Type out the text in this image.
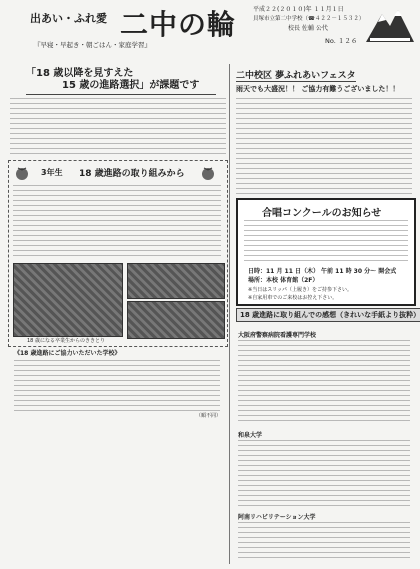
出あい・ふれ愛 二中の輪
『早寝・早起き・朝ごはん・家庭学習』
平成２２(２０１０)年 １１月１日
貝塚市立第二中学校（☎４２２－１５３２）
校長 佐輔 公代
No. １２６
「18 歳以降を見すえた
15 歳の進路選択」が課題です
3年生 18 歳進路の取り組みから
18 歳になる卒業生からのききとり
《18 歳進路にご協力いただいた学校》
（順不同）
二中校区 夢ふれあいフェスタ
雨天でも大盛況！！ ご協力有難うございました！！
合唱コンクールのお知らせ
日時：11 月 11 日（木） 午前 11 時 30 分～ 開会式
場所：本校 体育館（2F）
※当日はスリッパ（上履き）をご持参下さい。
※自家用車でのご来校はお控え下さい。
18 歳進路に取り組んでの感想（きれいな手紙より抜粋）
大阪府警察病院看護専門学校
和泉大学
阿南リハビリテーション大学
